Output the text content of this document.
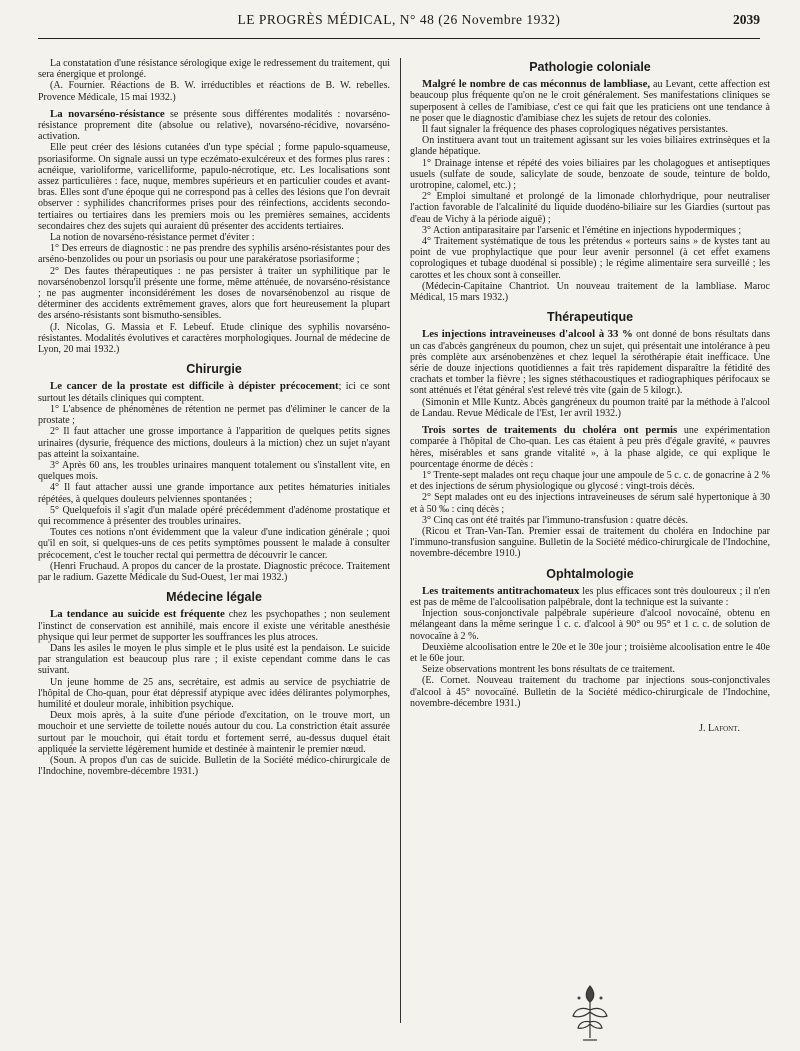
LE PROGRÈS MÉDICAL, N° 48 (26 Novembre 1932)	2039

La constatation d'une résistance sérologique exige le redressement du traitement, qui sera énergique et prolongé.

(A. Fournier. Réactions de B. W. irréductibles et réactions de B. W. rebelles. Provence Médicale, 15 mai 1932.)

La novarséno-résistance se présente sous différentes modalités : novarséno-résistance proprement dite (absolue ou relative), novarséno-récidive, novarséno-activation.

Elle peut créer des lésions cutanées d'un type spécial ; forme papulo-squameuse, psoriasiforme. On signale aussi un type eczémato-exulcéreux et des formes plus rares : acnéique, varioliforme, varicelliforme, papulo-nécrotique, etc. Les localisations sont assez particulières : face, nuque, membres supérieurs et en particulier coudes et avant-bras. Elles sont d'une époque qui ne correspond pas à celles des lésions que l'on devrait observer : syphilides chancriformes prises pour des réinfections, accidents secondo-tertiaires ou tertiaires dans les premiers mois ou les premières semaines, accidents secondaires chez des sujets qui auraient dû présenter des accidents tertiaires.

La notion de novarséno-résistance permet d'éviter :

1° Des erreurs de diagnostic : ne pas prendre des syphilis arséno-résistantes pour des arséno-benzolides ou pour un psoriasis ou pour une parakératose psoriasiforme ;

2° Des fautes thérapeutiques : ne pas persister à traiter un syphilitique par le novarsénobenzol lorsqu'il présente une forme, même atténuée, de novarséno-résistance ; ne pas augmenter inconsidérément les doses de novarsénobenzol au risque de déterminer des accidents extrêmement graves, alors que fort heureusement la plupart des arséno-résistants sont bismutho-sensibles.

(J. Nicolas, G. Massia et F. Lebeuf. Etude clinique des syphilis novarséno-résistantes. Modalités évolutives et caractères morphologiques. Journal de médecine de Lyon, 20 mai 1932.)

Chirurgie

Le cancer de la prostate est difficile à dépister précocement; ici ce sont surtout les détails cliniques qui comptent.

1° L'absence de phénomènes de rétention ne permet pas d'éliminer le cancer de la prostate ;

2° Il faut attacher une grosse importance à l'apparition de quelques petits signes urinaires (dysurie, fréquence des mictions, douleurs à la miction) chez un sujet n'ayant pas atteint la soixantaine.

3° Après 60 ans, les troubles urinaires manquent totalement ou s'installent vite, en quelques mois.

4° Il faut attacher aussi une grande importance aux petites hématuries initiales répétées, à quelques douleurs pelviennes spontanées ;

5° Quelquefois il s'agit d'un malade opéré précédemment d'adénome prostatique et qui recommence à présenter des troubles urinaires.

Toutes ces notions n'ont évidemment que la valeur d'une indication générale ; quoi qu'il en soit, si quelques-uns de ces petits symptômes poussent le malade à consulter précocement, c'est le toucher rectal qui permettra de découvrir le cancer.

(Henri Fruchaud. A propos du cancer de la prostate. Diagnostic précoce. Traitement par le radium. Gazette Médicale du Sud-Ouest, 1er mai 1932.)

Médecine légale

La tendance au suicide est fréquente chez les psychopathes ; non seulement l'instinct de conservation est annihilé, mais encore il existe une véritable anesthésie physique qui leur permet de supporter les souffrances les plus atroces.

Dans les asiles le moyen le plus simple et le plus usité est la pendaison. Le suicide par strangulation est beaucoup plus rare ; il existe cependant comme dans le cas suivant.

Un jeune homme de 25 ans, secrétaire, est admis au service de psychiatrie de l'hôpital de Cho-quan, pour état dépressif atypique avec idées délirantes polymorphes, humilité et douleur morale, inhibition psychique.

Deux mois après, à la suite d'une période d'excitation, on le trouve mort, un mouchoir et une serviette de toilette noués autour du cou. La constriction était assurée surtout par le mouchoir, qui était tordu et fortement serré, au-dessus duquel était appliquée la serviette légèrement humide et destinée à maintenir le premier nœud.

(Soun. A propos d'un cas de suicide. Bulletin de la Société médico-chirurgicale de l'Indochine, novembre-décembre 1931.)

Pathologie coloniale

Malgré le nombre de cas méconnus de lambliase, au Levant, cette affection est beaucoup plus fréquente qu'on ne le croit généralement. Ses manifestations cliniques se superposent à celles de l'amibiase, c'est ce qui fait que les praticiens ont une tendance à ne poser que le diagnostic d'amibiase chez les sujets de retour des colonies.

Il faut signaler la fréquence des phases coprologiques négatives persistantes.

On instituera avant tout un traitement agissant sur les voies biliaires extrinsèques et la glande hépatique.

1° Drainage intense et répété des voies biliaires par les cholagogues et antiseptiques usuels (sulfate de soude, salicylate de soude, benzoate de soude, teinture de boldo, urotropine, calomel, etc.) ;

2° Emploi simultané et prolongé de la limonade chlorhydrique, pour neutraliser l'action favorable de l'alcalinité du liquide duodéno-biliaire sur les Giardies (surtout pas d'eau de Vichy à la période aiguë) ;

3° Action antiparasitaire par l'arsenic et l'émétine en injections hypodermiques ;

4° Traitement systématique de tous les prétendus « porteurs sains » de kystes tant au point de vue prophylactique que pour leur avenir personnel (à cet effet examens coprologiques et tubage duodénal si possible) ; le régime alimentaire sera surveillé ; les carottes et les choux sont à conseiller.

(Médecin-Capitaine Chantriot. Un nouveau traitement de la lambliase. Maroc Médical, 15 mars 1932.)

Thérapeutique

Les injections intraveineuses d'alcool à 33 % ont donné de bons résultats dans un cas d'abcès gangréneux du poumon, chez un sujet, qui présentait une intolérance à peu près complète aux arsénobenzènes et chez lequel la sérothérapie était inefficace. Une série de douze injections quotidiennes a fait très rapidement disparaître la fétidité des crachats et tomber la fièvre ; les signes stéthacoustiques et radiographiques périfocaux se sont atténués et l'état général s'est relevé très vite (gain de 5 kilogr.).

(Simonin et Mlle Kuntz. Abcès gangréneux du poumon traité par la méthode à l'alcool de Landau. Revue Médicale de l'Est, 1er avril 1932.)

Trois sortes de traitements du choléra ont permis une expérimentation comparée à l'hôpital de Cho-quan. Les cas étaient à peu près d'égale gravité, « pauvres hères, misérables et sans grande vitalité », à la phase algide, ce qui explique le pourcentage énorme de décès :

1° Trente-sept malades ont reçu chaque jour une ampoule de 5 c. c. de gonacrine à 2 % et des injections de sérum physiologique ou glycosé : vingt-trois décès.

2° Sept malades ont eu des injections intraveineuses de sérum salé hypertonique à 30 et à 50 ‰ : cinq décès ;

3° Cinq cas ont été traités par l'immuno-transfusion : quatre décès.

(Ricou et Tran-Van-Tan. Premier essai de traitement du choléra en Indochine par l'immuno-transfusion sanguine. Bulletin de la Société médico-chirurgicale de l'Indochine, novembre-décembre 1910.)

Ophtalmologie

Les traitements antitrachomateux les plus efficaces sont très douloureux ; il n'en est pas de même de l'alcoolisation palpébrale, dont la technique est la suivante :

Injection sous-conjonctivale palpébrale supérieure d'alcool novocaïné, obtenu en mélangeant dans la même seringue 1 c. c. d'alcool à 90° ou 95° et 1 c. c. de solution de novocaïne à 2 %.

Deuxième alcoolisation entre le 20e et le 30e jour ; troisième alcoolisation entre le 40e et le 60e jour.

Seize observations montrent les bons résultats de ce traitement.

(E. Cornet. Nouveau traitement du trachome par injections sous-conjonctivales d'alcool à 45° novocaïné. Bulletin de la Société médico-chirurgicale de l'Indochine, novembre-décembre 1931.)

J. Lafont.
